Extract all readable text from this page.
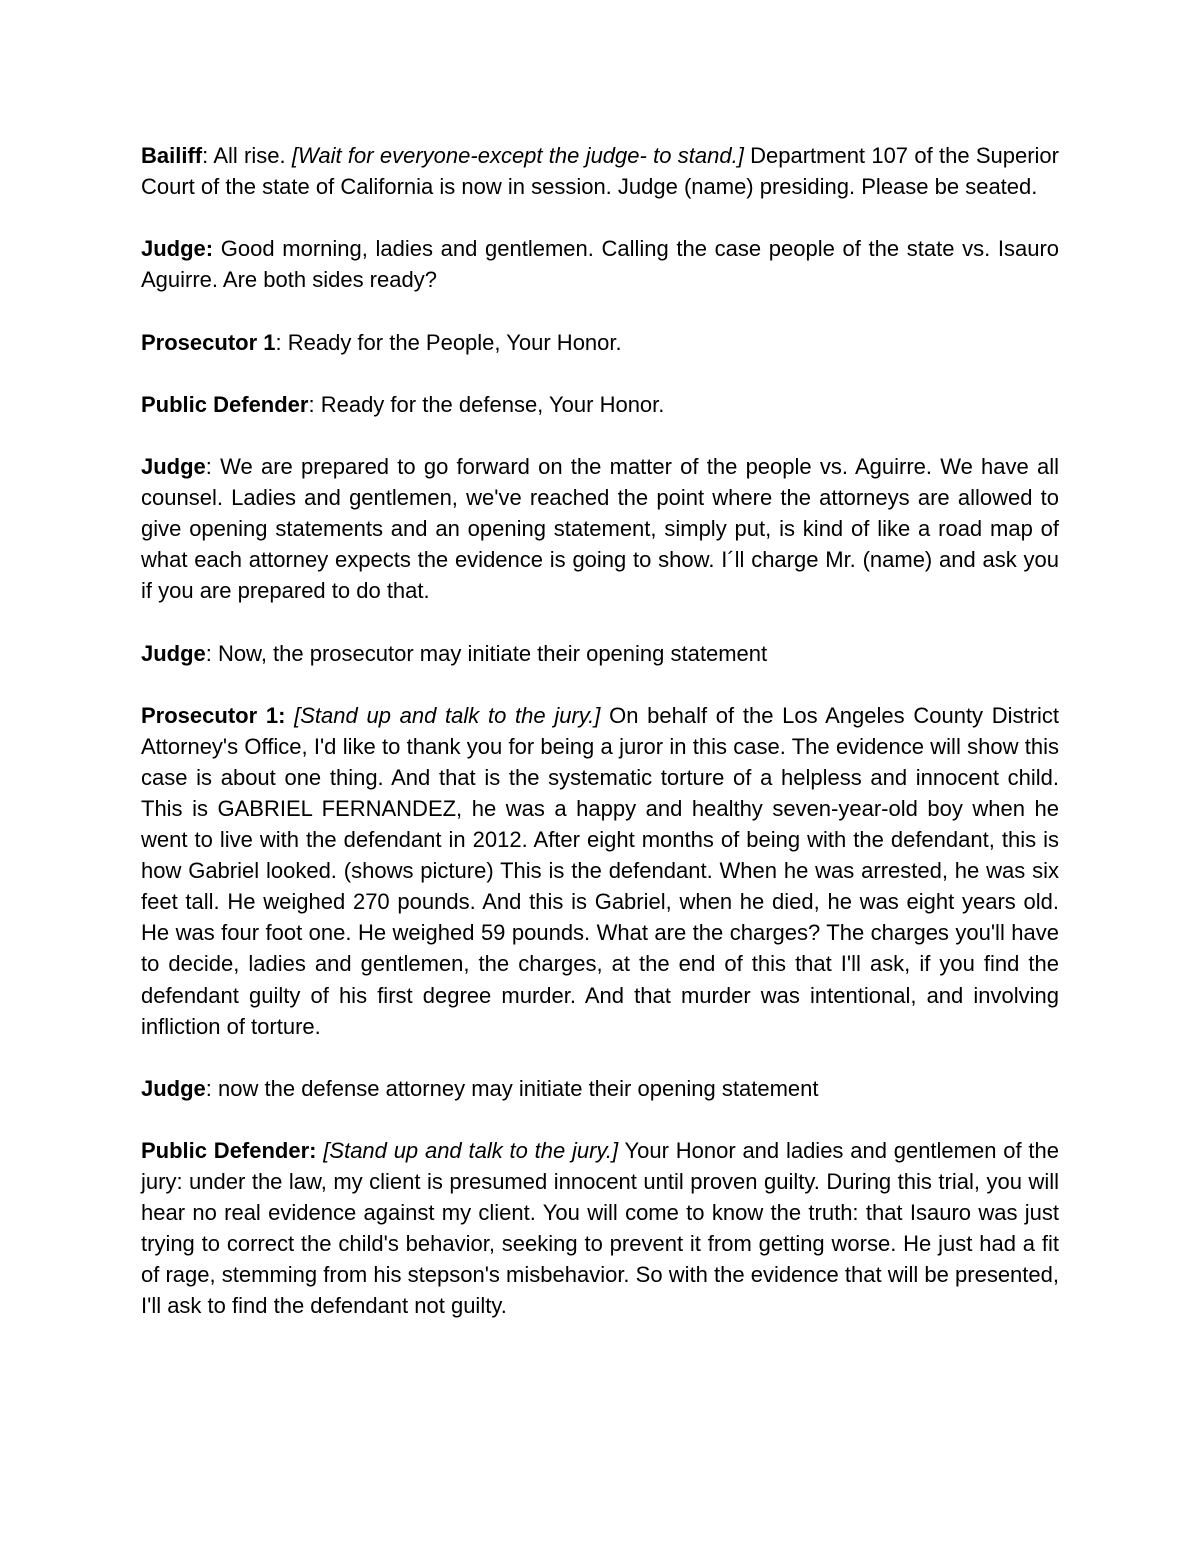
Bailiff: All rise. [Wait for everyone-except the judge- to stand.] Department 107 of the Superior Court of the state of California is now in session. Judge (name) presiding. Please be seated.

Judge: Good morning, ladies and gentlemen. Calling the case people of the state vs. Isauro Aguirre. Are both sides ready?

Prosecutor 1: Ready for the People, Your Honor.

Public Defender: Ready for the defense, Your Honor.

Judge: We are prepared to go forward on the matter of the people vs. Aguirre. We have all counsel. Ladies and gentlemen, we've reached the point where the attorneys are allowed to give opening statements and an opening statement, simply put, is kind of like a road map of what each attorney expects the evidence is going to show. I´ll charge Mr. (name) and ask you if you are prepared to do that.

Judge: Now, the prosecutor may initiate their opening statement

Prosecutor 1: [Stand up and talk to the jury.] On behalf of the Los Angeles County District Attorney's Office, I'd like to thank you for being a juror in this case. The evidence will show this case is about one thing. And that is the systematic torture of a helpless and innocent child. This is GABRIEL FERNANDEZ, he was a happy and healthy seven-year-old boy when he went to live with the defendant in 2012. After eight months of being with the defendant, this is how Gabriel looked. (shows picture) This is the defendant. When he was arrested, he was six feet tall. He weighed 270 pounds. And this is Gabriel, when he died, he was eight years old. He was four foot one. He weighed 59 pounds. What are the charges? The charges you'll have to decide, ladies and gentlemen, the charges, at the end of this that I'll ask, if you find the defendant guilty of his first degree murder. And that murder was intentional, and involving infliction of torture.

Judge: now the defense attorney may initiate their opening statement

Public Defender: [Stand up and talk to the jury.] Your Honor and ladies and gentlemen of the jury: under the law, my client is presumed innocent until proven guilty. During this trial, you will hear no real evidence against my client. You will come to know the truth: that Isauro was just trying to correct the child's behavior, seeking to prevent it from getting worse. He just had a fit of rage, stemming from his stepson's misbehavior. So with the evidence that will be presented, I'll ask to find the defendant not guilty.
